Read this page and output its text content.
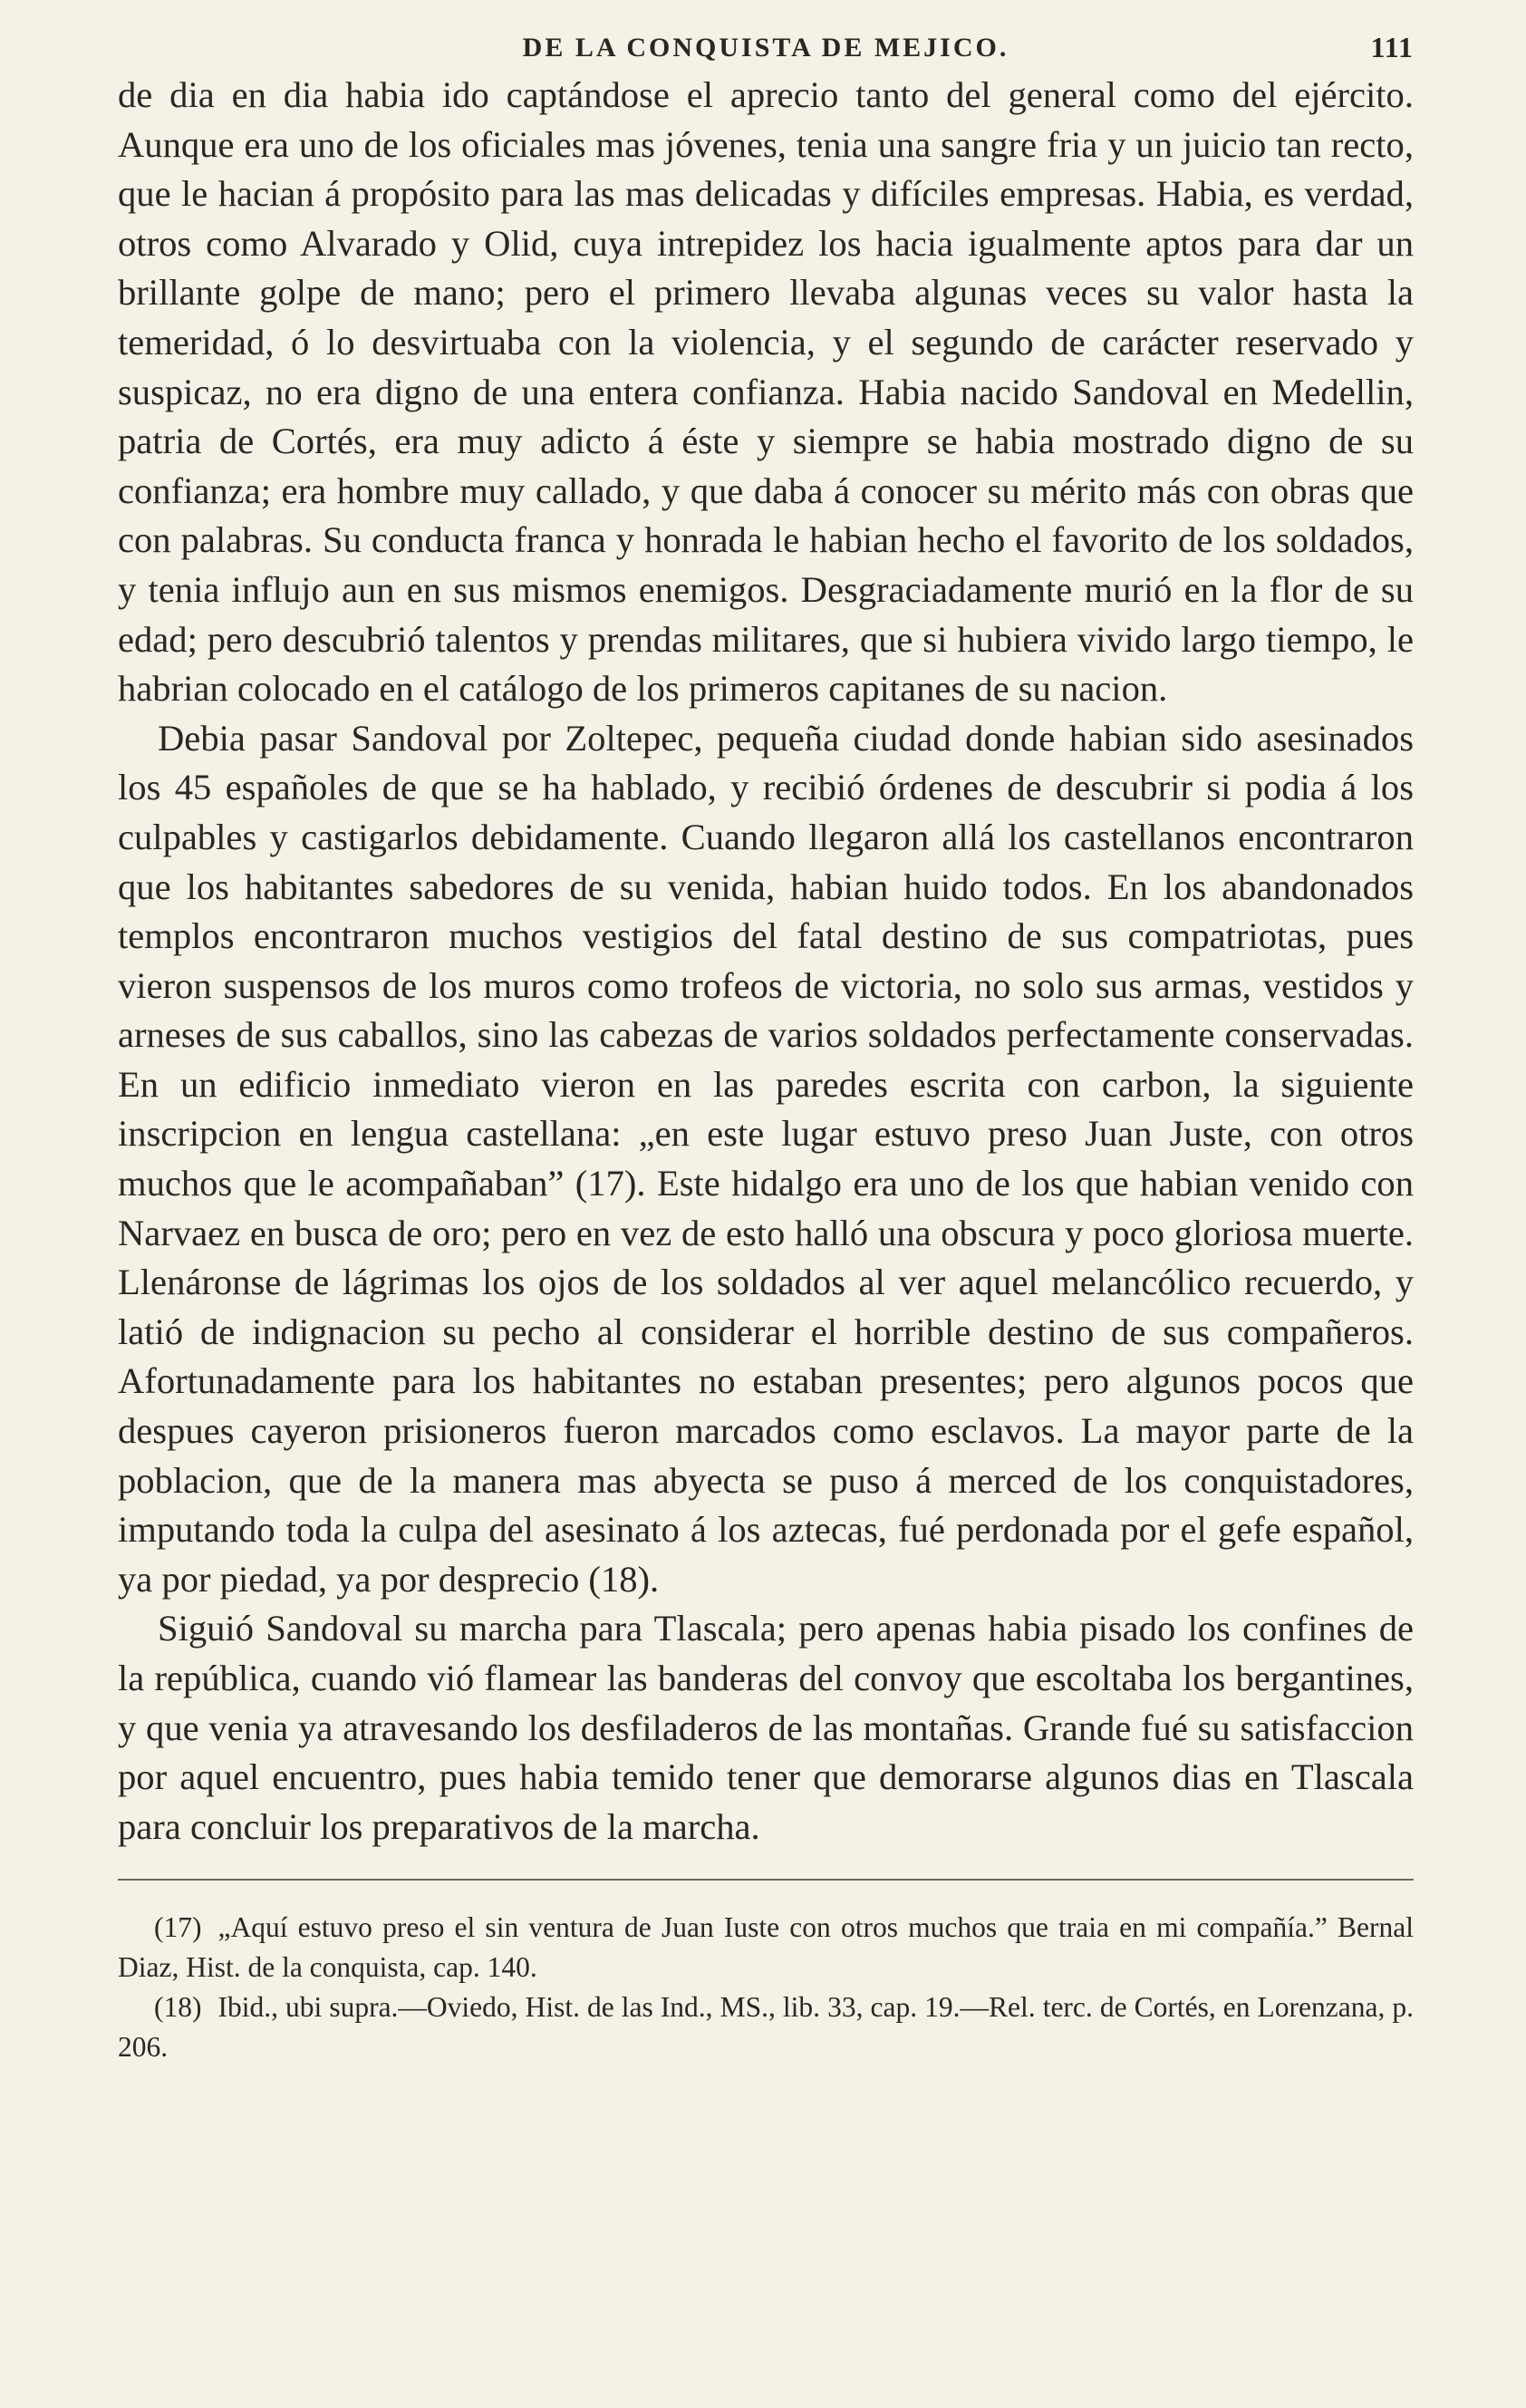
DE LA CONQUISTA DE MEJICO.	111

de dia en dia habia ido captándose el aprecio tanto del general como del ejército. Aunque era uno de los oficiales mas jóvenes, tenia una sangre fria y un juicio tan recto, que le hacian á propósito para las mas delicadas y difíciles empresas. Habia, es verdad, otros como Alvarado y Olid, cuya intrepidez los hacia igualmente aptos para dar un brillante golpe de mano; pero el primero llevaba algunas veces su valor hasta la temeridad, ó lo desvirtuaba con la violencia, y el segundo de carácter reservado y suspicaz, no era digno de una entera confianza. Habia nacido Sandoval en Medellin, patria de Cortés, era muy adicto á éste y siempre se habia mostrado digno de su confianza; era hombre muy callado, y que daba á conocer su mérito más con obras que con palabras. Su conducta franca y honrada le habian hecho el favorito de los soldados, y tenia influjo aun en sus mismos enemigos. Desgraciadamente murió en la flor de su edad; pero descubrió talentos y prendas militares, que si hubiera vivido largo tiempo, le habrian colocado en el catálogo de los primeros capitanes de su nacion.

Debia pasar Sandoval por Zoltepec, pequeña ciudad donde habian sido asesinados los 45 españoles de que se ha hablado, y recibió órdenes de descubrir si podia á los culpables y castigarlos debidamente. Cuando llegaron allá los castellanos encontraron que los habitantes sabedores de su venida, habian huido todos. En los abandonados templos encontraron muchos vestigios del fatal destino de sus compatriotas, pues vieron suspensos de los muros como trofeos de victoria, no solo sus armas, vestidos y arneses de sus caballos, sino las cabezas de varios soldados perfectamente conservadas. En un edificio inmediato vieron en las paredes escrita con carbon, la siguiente inscripcion en lengua castellana: „en este lugar estuvo preso Juan Juste, con otros muchos que le acompañaban” (17). Este hidalgo era uno de los que habian venido con Narvaez en busca de oro; pero en vez de esto halló una obscura y poco gloriosa muerte. Llenáronse de lágrimas los ojos de los soldados al ver aquel melancólico recuerdo, y latió de indignacion su pecho al considerar el horrible destino de sus compañeros. Afortunadamente para los habitantes no estaban presentes; pero algunos pocos que despues cayeron prisioneros fueron marcados como esclavos. La mayor parte de la poblacion, que de la manera mas abyecta se puso á merced de los conquistadores, imputando toda la culpa del asesinato á los aztecas, fué perdonada por el gefe español, ya por piedad, ya por desprecio (18).

Siguió Sandoval su marcha para Tlascala; pero apenas habia pisado los confines de la república, cuando vió flamear las banderas del convoy que escoltaba los bergantines, y que venia ya atravesando los desfiladeros de las montañas. Grande fué su satisfaccion por aquel encuentro, pues habia temido tener que demorarse algunos dias en Tlascala para concluir los preparativos de la marcha.

(17) „Aquí estuvo preso el sin ventura de Juan Iuste con otros muchos que traia en mi compañía.” Bernal Diaz, Hist. de la conquista, cap. 140.

(18) Ibid., ubi supra.—Oviedo, Hist. de las Ind., MS., lib. 33, cap. 19.—Rel. terc. de Cortés, en Lorenzana, p. 206.
